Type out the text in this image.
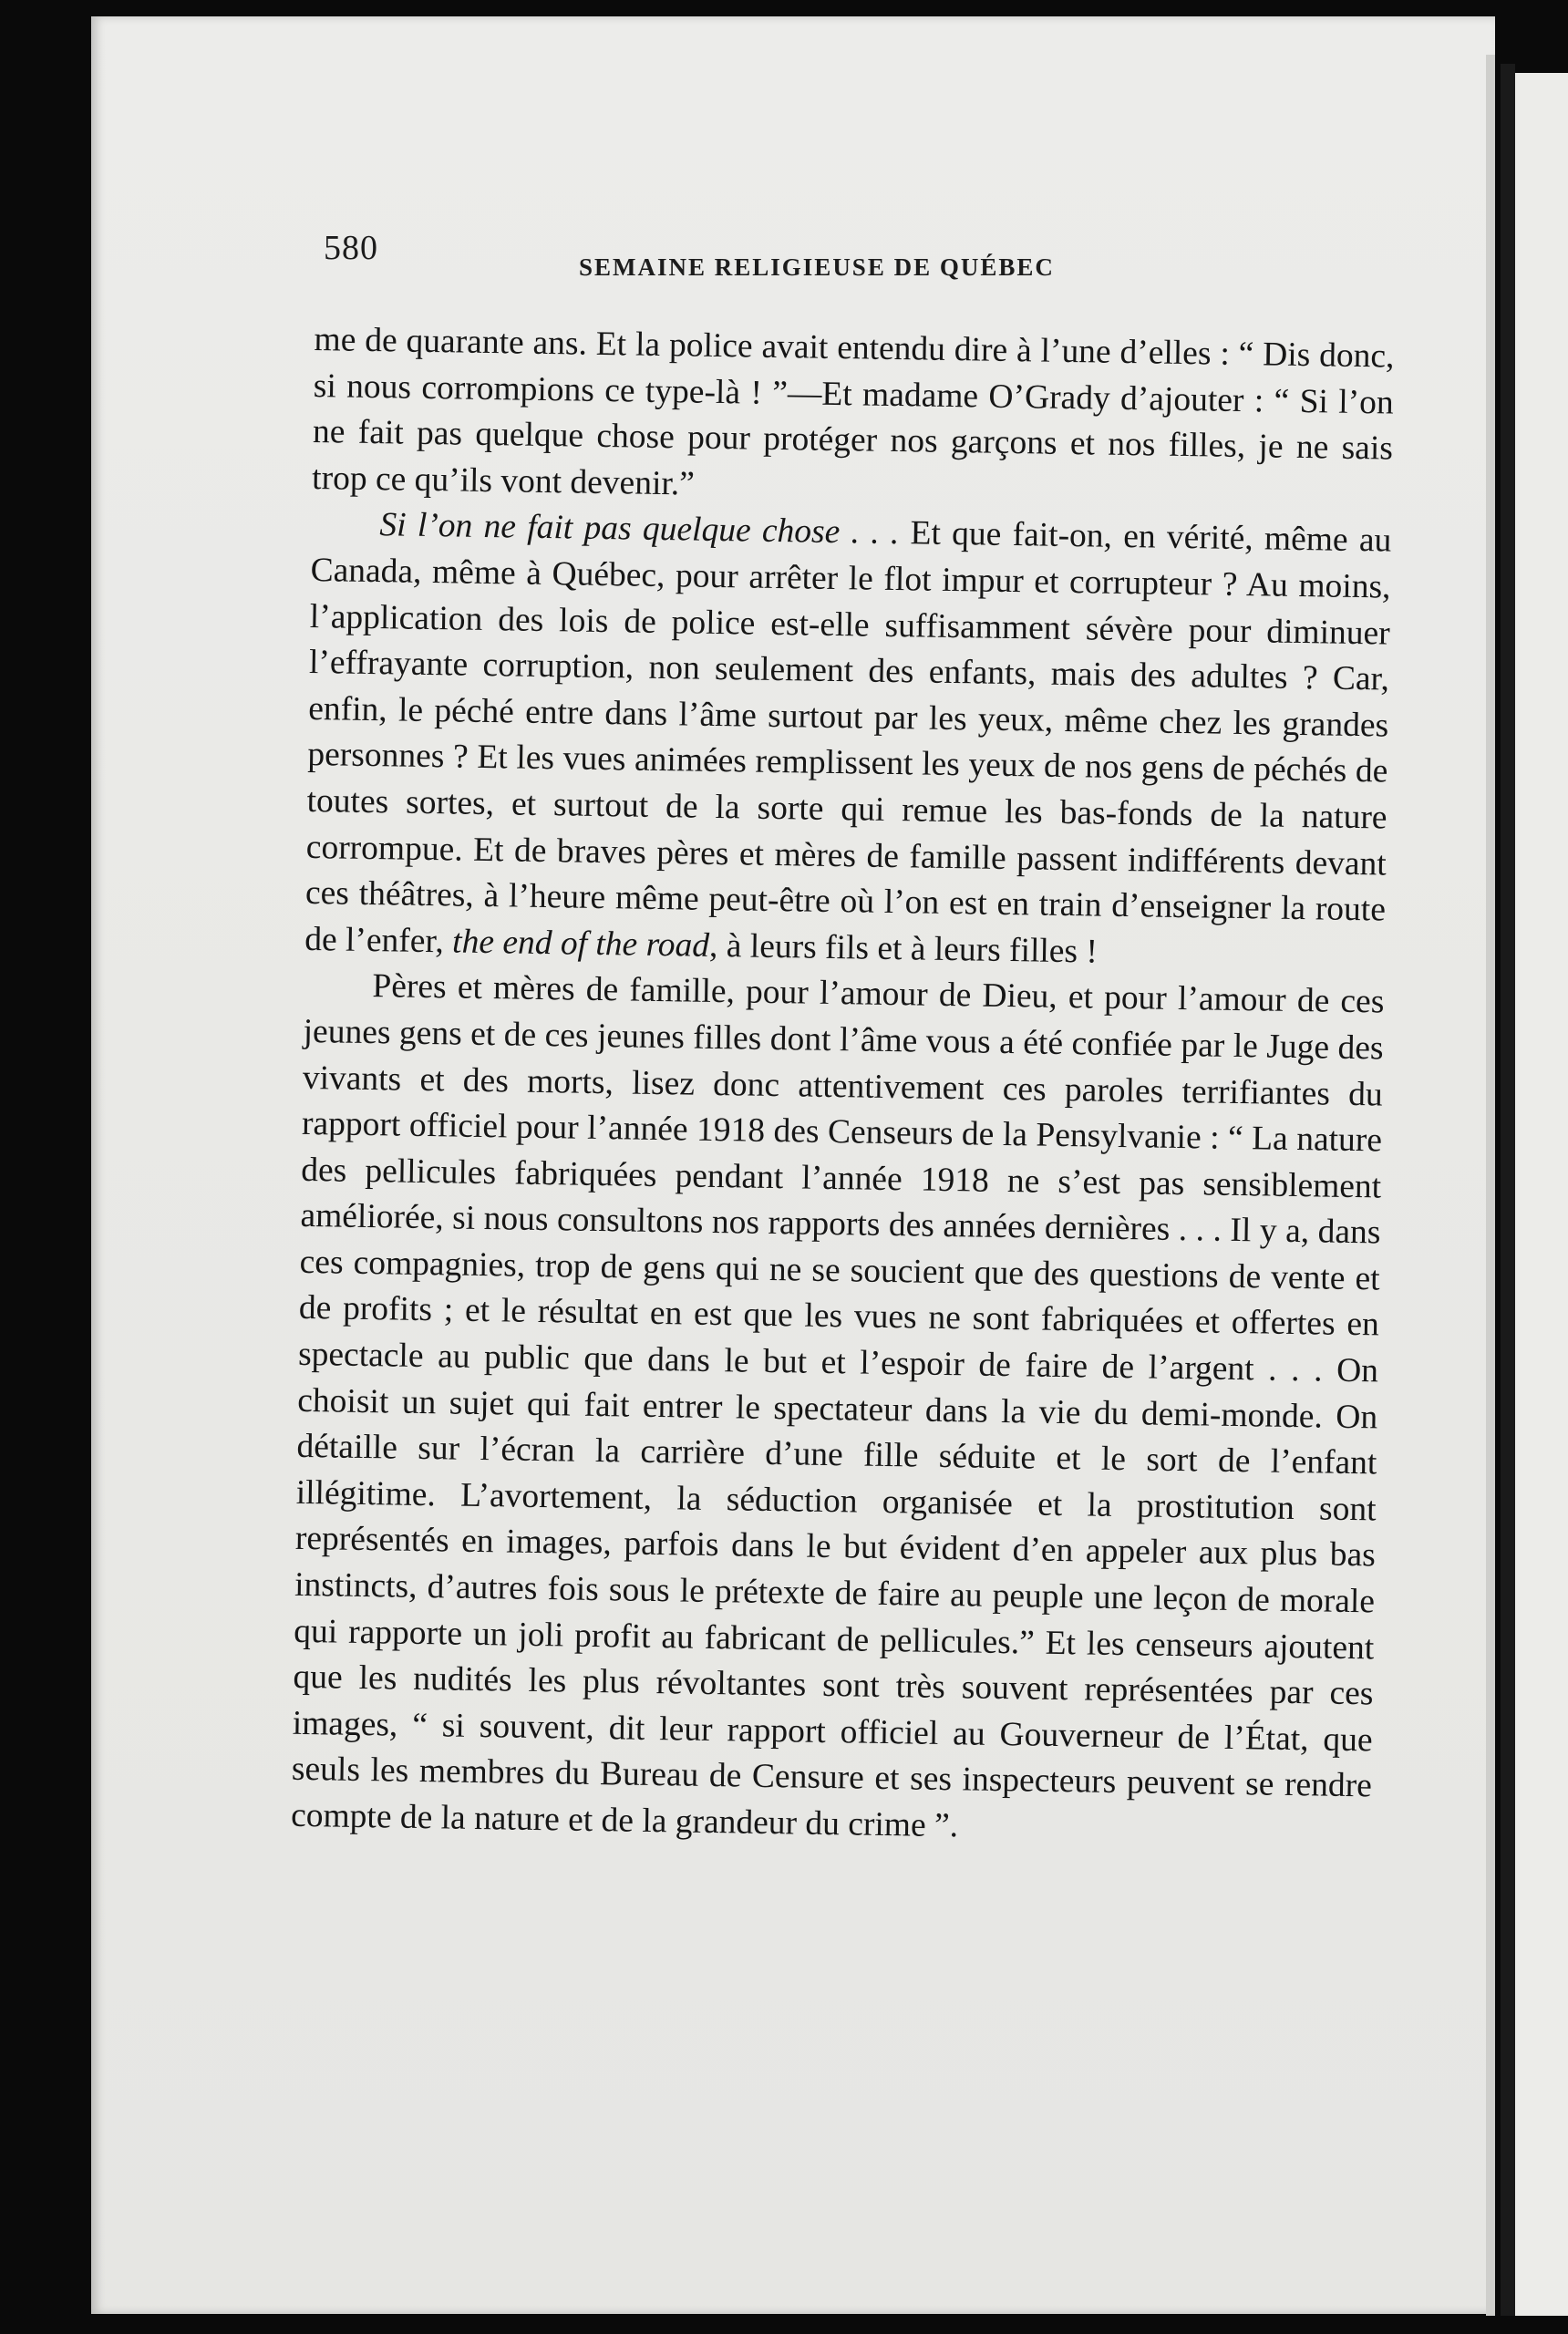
580	SEMAINE RELIGIEUSE DE QUÉBEC

me de quarante ans. Et la police avait entendu dire à l’une d’elles : “ Dis donc, si nous corrompions ce type-là ! ”—Et madame O’Grady d’ajouter : “ Si l’on ne fait pas quelque chose pour protéger nos garçons et nos filles, je ne sais trop ce qu’ils vont devenir.”

Si l’on ne fait pas quelque chose . . . Et que fait-on, en vérité, même au Canada, même à Québec, pour arrêter le flot impur et corrupteur ? Au moins, l’application des lois de police est-elle suffisamment sévère pour diminuer l’effrayante corruption, non seulement des enfants, mais des adultes ? Car, enfin, le péché entre dans l’âme surtout par les yeux, même chez les grandes personnes ? Et les vues animées remplissent les yeux de nos gens de péchés de toutes sortes, et surtout de la sorte qui remue les bas-fonds de la nature corrompue. Et de braves pères et mères de famille passent indifférents devant ces théâtres, à l’heure même peut-être où l’on est en train d’enseigner la route de l’enfer, the end of the road, à leurs fils et à leurs filles !

Pères et mères de famille, pour l’amour de Dieu, et pour l’amour de ces jeunes gens et de ces jeunes filles dont l’âme vous a été confiée par le Juge des vivants et des morts, lisez donc attentivement ces paroles terrifiantes du rapport officiel pour l’année 1918 des Censeurs de la Pensylvanie : “ La nature des pellicules fabriquées pendant l’année 1918 ne s’est pas sensiblement améliorée, si nous consultons nos rapports des années dernières . . . Il y a, dans ces compagnies, trop de gens qui ne se soucient que des questions de vente et de profits ; et le résultat en est que les vues ne sont fabriquées et offertes en spectacle au public que dans le but et l’espoir de faire de l’argent . . . On choisit un sujet qui fait entrer le spectateur dans la vie du demi-monde. On détaille sur l’écran la carrière d’une fille séduite et le sort de l’enfant illégitime. L’avortement, la séduction organisée et la prostitution sont représentés en images, parfois dans le but évident d’en appeler aux plus bas instincts, d’autres fois sous le prétexte de faire au peuple une leçon de morale qui rapporte un joli profit au fabricant de pellicules.” Et les censeurs ajoutent que les nudités les plus révoltantes sont très souvent représentées par ces images, “ si souvent, dit leur rapport officiel au Gouverneur de l’État, que seuls les membres du Bureau de Censure et ses inspecteurs peuvent se rendre compte de la nature et de la grandeur du crime ”.
